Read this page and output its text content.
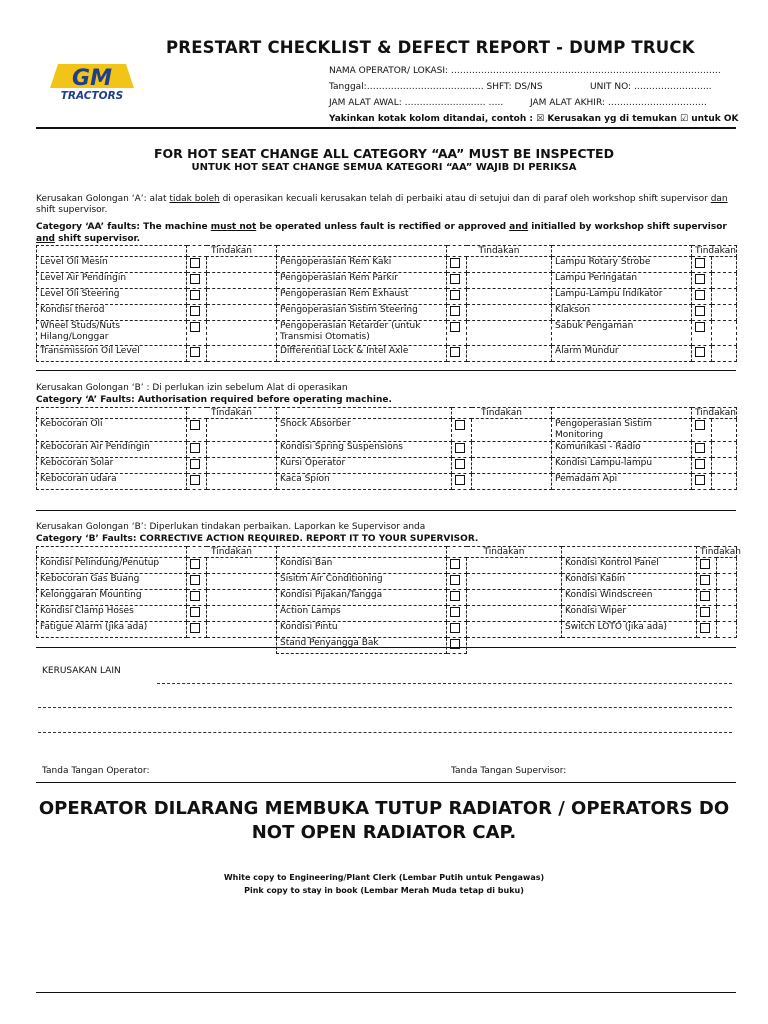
PRESTART CHECKLIST & DEFECT REPORT - DUMP TRUCK
GM
TRACTORS
NAMA OPERATOR/ LOKASI: ………………………………………………………………………………
Tanggal:………………………………… SHFT: DS/NS	UNIT NO: ……………………..
JAM ALAT AWAL: ……………………… …..	JAM ALAT AKHIR: ……………………………
Yakinkan kotak kolom ditandai, contoh : ☒ Kerusakan yg di temukan ☑ untuk OK
FOR HOT SEAT CHANGE ALL CATEGORY “AA” MUST BE INSPECTED
UNTUK HOT SEAT CHANGE SEMUA KATEGORI “AA” WAJIB DI PERIKSA
Kerusakan Golongan ‘A’: alat tidak boleh di operasikan kecuali kerusakan telah di perbaiki atau di setujui dan di paraf oleh workshop shift supervisor dan shift supervisor.
Category ‘AA’ faults: The machine must not be operated unless fault is rectified or approved and initialled by workshop shift supervisor and shift supervisor.
	Tindakan			Tindakan			Tindakan	
Level Oli Mesin			Pengoperasian Rem Kaki			Lampu Rotary Strobe		
Level Air Pendingin			Pengoperasian Rem Parkir			Lampu Peringatan		
Level Oli Steering			Pengoperasian Rem Exhaust			Lampu-Lampu Indikator		
Kondisi therod			Pengoperasian Sistim Steering			Klakson		
Wheel Studs/Nuts Hilang/Longgar			Pengoperasian Retarder (untuk Transmisi Otomatis)			Sabuk Pengaman		
Transmission Oil Level			Differential Lock & Intel Axle			Alarm Mundur		
Kerusakan Golongan ‘B’ : Di perlukan izin sebelum Alat di operasikan
Category ‘A’ Faults: Authorisation required before operating machine.
	Tindakan			Tindakan			Tindakan	
Kebocoran Oli			Shock Absorber			Pengoperasian Sistim Monitoring		
Kebocoran Air Pendingin			Kondisi Spring Suspensions			Komunikasi - Radio		
Kebocoran Solar			Kursi Operator			Kondisi Lampu-lampu		
Kebocoran udara			Kaca Spion			Pemadam Api		
Kerusakan Golongan ‘B’: Diperlukan tindakan perbaikan. Laporkan ke Supervisor anda
Category ‘B’ Faults: CORRECTIVE ACTION REQUIRED. REPORT IT TO YOUR SUPERVISOR.
	Tindakan			Tindakan			Tindakan	
Kondisi Pelindung/Penutup			Kondisi Ban			Kondisi Kontrol Panel		
Kebocoran Gas Buang			Sisitm Air Conditioning			Kondisi Kabin		
Kelonggaran Mounting			Kondisi Pijakan/Tangga			Kondisi Windscreen		
Kondisi Clamp Hoses			Action Lamps			Kondisi Wiper		
Fatigue Alarm (jika ada)			Kondisi Pintu			Switch LOTO (jika ada)		
			Stand Penyangga Bak					
KERUSAKAN LAIN
Tanda Tangan Operator:	Tanda Tangan Supervisor:
OPERATOR DILARANG MEMBUKA TUTUP RADIATOR / OPERATORS DO
NOT OPEN RADIATOR CAP.
White copy to Engineering/Plant Clerk (Lembar Putih untuk Pengawas)
Pink copy to stay in book (Lembar Merah Muda tetap di buku)
